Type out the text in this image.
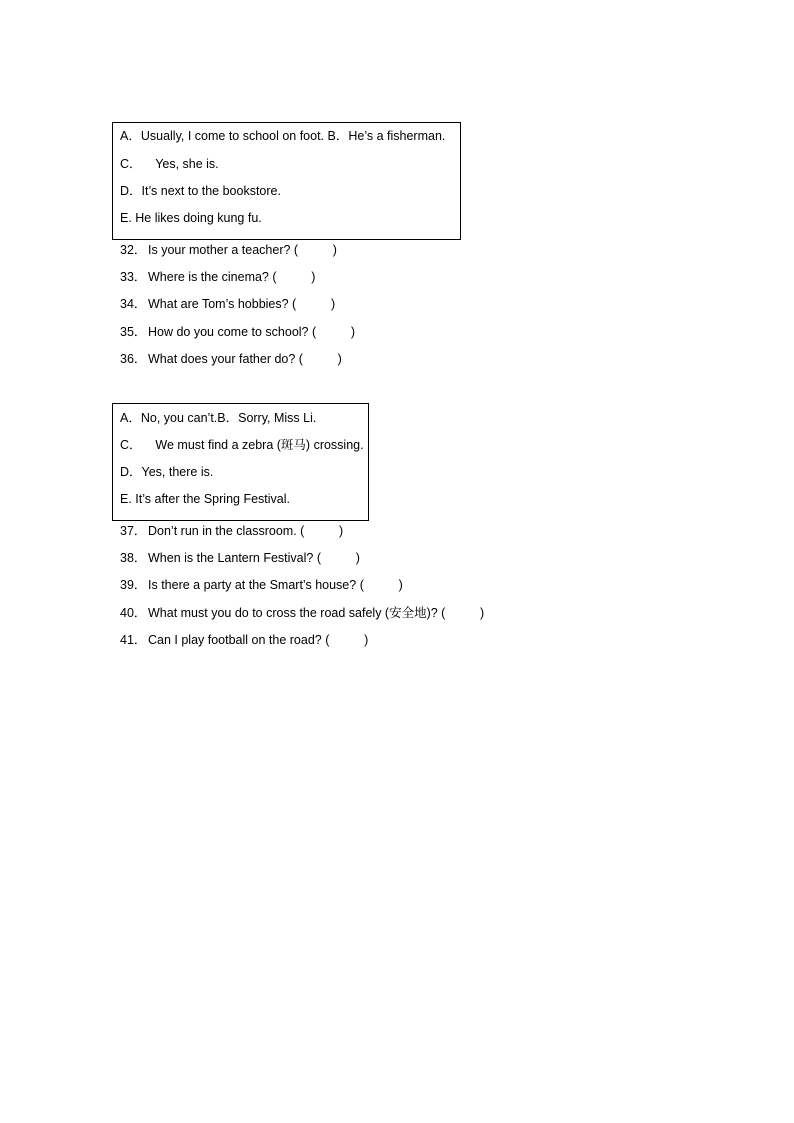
A．Usually, I come to school on foot. B．He’s a fisherman.
C．    Yes, she is.
D．It’s next to the bookstore.
E. He likes doing kung fu.
32． Is your mother a teacher? (          )
33． Where is the cinema? (          )
34． What are Tom’s hobbies? (          )
35． How do you come to school? (          )
36． What does your father do? (          )
A．No, you can’t.B．Sorry, Miss Li.
C．    We must find a zebra (斑马) crossing.
D．Yes, there is.
E. It’s after the Spring Festival.
37． Don’t run in the classroom. (          )
38． When is the Lantern Festival? (          )
39． Is there a party at the Smart’s house? (          )
40． What must you do to cross the road safely (安全地)? (          )
41． Can I play football on the road? (          )
